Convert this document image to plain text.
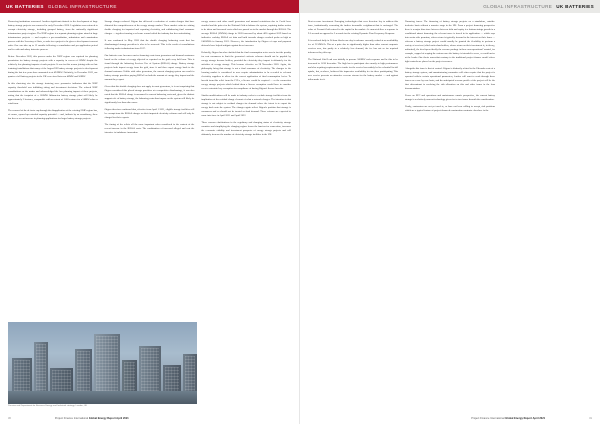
UK BATTERIES GLOBAL INFRASTRUCTURE

Pioneering institutions renowned. Another significant obstacle to the development of large battery storage projects was removed in early December 2020. Legislation was enforced to exempt electricity storage, including grouped battery, from the nationally significant infrastructure project regime. The NSIP regime is a separate planning regime aimed at large infrastructure projects — and requires a pre-consultation, submission and examination process with the Secretary of State, so asks for a project to be given a development consent order. One can take up to 12 months following a consultation and pre-application period and is a risk and salary intensive process.

Before December 2020, this process under the NSIP regime was required for planning permission for battery storage projects with a capacity in excess of 50MW despite the relatively low planning impacts of such projects. It was for this reason joining with cut late featuring installations that many of the largest UK battery storage projects in development during the last few years have amounted to at 49.9MW. Definitely, in December 2019, one quarter of all battery projects in the UK were sized between 40MW and 50MW.

In this clustering size the storage fostering were persuasive indicators that the NSIP capacity threshold was inhibiting sizing and investment decisions. The relaxed NSIP consultations on the matter and acknowledged the low planning impact of these projects, noting that the footprint of a 100MW lithium-ion battery storage plant will likely be approximately 2 hectares, comparable with an extent of 1.08 hectares for a 50MW solar or wind farm.

The removal of the de facto cap through the disapplication of the existing NSIP regime has, of course, opened up extended capacity potential — and, indicate by an consultancy, there has been a recent increase in planning applications for larger battery storage projects.

Storage charges reduced. Ofgem has delivered a reduction of certain charges that have distorted the competitiveness of the energy storage market. These market exists to existing double charging for imported and exporting electricity, and withdrawing final consumer charges — together forming a welcome reward which the industry has been articulating.

It was confirmed in May 2020 that the double charging balancing costs that has disadvantaged storage providers is also to be removed. This is the result of consultations following market submissions from 2017.

Our batteries case becomes carrier financing costs from generators and demand customers based on the volume of energy objected or exported on the grid every half hour. This is found through the balancing Services Use of System (BSUoS) charge. Battery storage projects both import energy from the grid, store it and then export energy back to the demand customer. Unlike with other generators, the current charging system can result in battery storage providers paying BSUoS on both the amount of energy they import and the amount they export.

Given that this double charging does not apply in most generators, is is not surprising that Ofgem considered this placed storage providers at a competitive disadvantage, it was also noted that the BSUoS charge is measured in current balancing costs and, given the distinct support role of battery storage, the balancing costs thus impose on the system will likely be significantly less than other users.

Ofgem therefore confirmed that, effective from April 1 2021, eligible storage facilities will be exempt from the BSUoS charges on their imported electricity volumes and will only be charged for their exports.

The timing of the reliefs all the more important when considered in the context of the recent increase in the BSUoS costs. The combination of increased alleged and cost the intensive in imbalance innovation

energy sources and other small generators and unusual restrictions due to Covid have steadied and the prices for the National Grid to balance the system, requiring further action to be taken and increased costs which are passed on to the market through the BSUoS. The average BSUoS (LMWh) charge in 2020 increased by about 40% against 2019 based on indicative end-day BSUoS set data and built towards charges reached peaks as high as £40/MWh in January 2021. However, the introduction by Ofgem of caps and payment deferrals have helped mitigate against these increases.

Relatedly, Ofgem has also clarified that the final consumption series was in fact the penalty for cost consumers to limit the generator's activate schemes should not be payable by energy storage because holders, provided the electricity they import is ultimately for the activities of energy storage. This became effective on 28 November 2020. Again, the philosophy being that storage is not a final consumer of electricity. The changes to the learning market is considered to now require substantiation to be revealed to relevant electricity suppliers to allow for the correct application of final consumption levies. To benefit from this relief from the FCLs, a licence would be required — or the connection energy storage projects which behind them a license exemption would have to consider even to entertain levy exemption for compliance of having Ofgem's licence benefits.

Similar modifications will be made to industry codes to exclude storage facilities from the implication of the residual charge element of what a network charges. The intention is that storage is not subject to residual charges for demand where the intent is to export the energy back onto the system. The changes again reflect Ofgem's position that storage is consumers and so should not be treated as final demand. These reforms are expected to come into force in April 2021 and April 2022.

These reasons clarifications in the regulatory and changing status of electricity storage countries and simplifying the charging regime lessen the barriers for connection, increases the economic viability and investment prospects of energy storage projects and will ultimately increase the number of electricity storage facilities in the UK.

Pension and Department for Business Energy and Industrial strategy, London, UK
30	Project Finance International Global Energy Report April 2021
GLOBAL INFRASTRUCTURE UK BATTERIES

Rent revenue investment. Emerging technologies that were therefore key to address this issue, institutionally cementing the further favourable weightment that is envisaged. The value of Ferranti Grid entered in the capital in the market. At current deliver a response in 9.5 seconds as opposed to 2 seconds for the existing Dynamic Firm Frequency Response.

It is rendered daily in 24 hour blocks one day in advance currently valued at an availability fee of £13/MW/h. This at a price due to significantly higher than other current corporate services area, due partly to a relatively low demand, the fee has not so far required tolerances they this cap.

The National Grid Lead was initially to procure 500MW each response and he this to be increased to 1GW thereafter. The high bar to participate also mostly to high performance and also requiring requirements to tender for the service has notably led to a shortfall in full uptake, but, as above, bolstered the impressive availability fee for these participating. This new service presents an attractive revenue stream for the battery market — and against tailor-made for it.

Financing issues. The financing of battery storage projects on a standalone, outside-inclusive basis without a massive surge in the UK. From a project financing perspective there is a major bias since between between debt and equity is a bottom strings growth in a conditional attract financing; the relevant users is forced in its application — which says into senior side premium, where return is typically forward to the interest on their loans — whereas a battery storage project would usually be granted the flexibility to perform a variety of services (which suits shareholders, whose return on their investment is, in theory, unlimited), the developers ideally the revenue package in these non-operational 'wanted, for example, capped of reaping the various uses the battery is intended to serve, or could arrive at the lender. One thesis somewhat contrary to the traditional project finance model where tight controls are placed on the project revenues.

Alongside this issue is that of control. Ofgem is distinctly related to the Edwards costs of a battery storage system, and manufacturing warranties will often require that the project is operated with/or certain operational parameters, lenders will want to work through those issues on a case by case basis, and the anticipated revenue profile of the project will be the first determinant in resolving the risk allocation on this and other issues in the loan documentation.

Power an EPC and operations and maintenance unsafe perspective, the current battery storage is a relatively nascent technology gives rise to two issues beneath the consideration.

Firstly, contractors are not yet used to, or have not been willing to accept, risk positions which are a typical feature of project-financed construction contracts elsewhere in the

Project Finance International Global Energy Report April 2021	31
